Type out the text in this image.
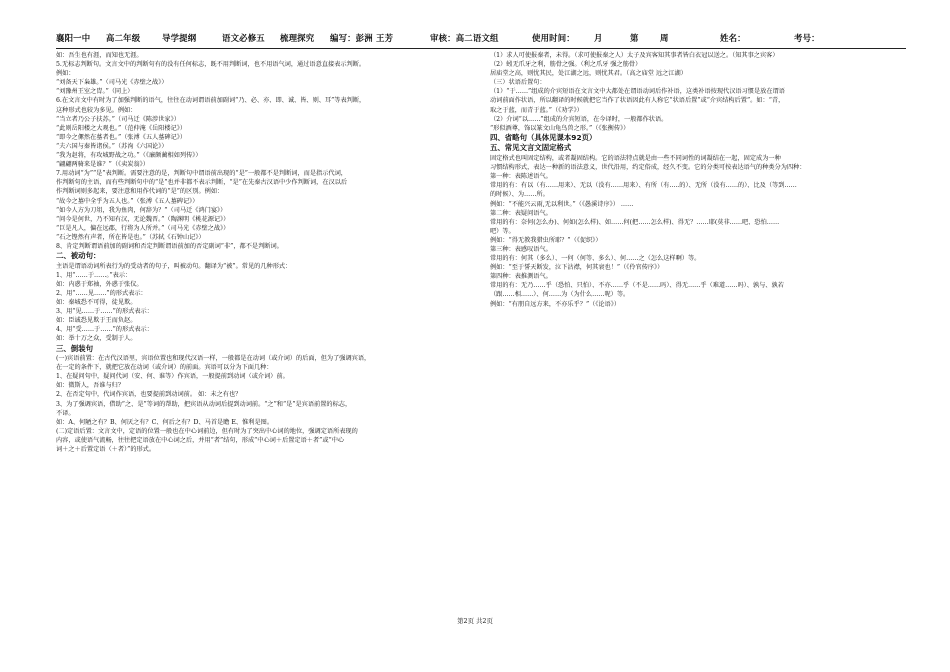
襄阳一中 高二年级	导学提纲	语文必修五 梳理探究 编写：彭洲 王芳	审核：高二语文组	使用时间： 月	第	周	姓名：	考号：

如：吾生也有涯，而知也无涯。

5.无标志判断句。文言文中的判断句有的没有任何标志，既不用判断词，也不用语气词，通过语意直接表示判断。

例如：

“刘备天下枭雄。”（司马光《赤壁之战》）

“刘豫州王室之胄。”（同上）

6.在文言文中有时为了加强判断的语气，往往在动词谓语前加副词“乃、必、亦、即、诚、皆、则、耳”等表判断，

这种形式也较为多见。例如：

“当立者乃公子扶苏。”（司马迁《陈涉世家》）

“此则岳阳楼之大观也。”（范仲淹《岳阳楼记》）

“即今之傫然在墓者也。”（张溥《五人墓碑记》）

“夫六国与秦皆诸侯。”（苏洵《六国论》）

“我为赵将，有攻城野战之功。”（《廉颇蔺相如列传》）

“翩翩两骑来是谁？”（《卖炭翁》）

7.用动词“为”“是”表判断。需要注意的是，判断句中谓语前出现的“是”一般都不是判断词，而是指示代词，

作判断句的主语，而有些判断句中的“是”也并非都不表示判断，“是”在先秦古汉语中少作判断词，在汉以后

作判断词则多起来，要注意和用作代词的“是”的区别。例如：

“故今之墓中全乎为五人也。”（张溥《五人墓碑记》）

“如今人方为刀俎，我为鱼肉，何辞为？”（司马迁《鸿门宴》）

“问今是何世，乃不知有汉，无论魏晋。”（陶渊明《桃花源记》）

“巨是凡人，偏在远郡，行将为人所并。”（司马光《赤壁之战》）

“石之铿然有声者，所在皆是也。”（苏轼《石钟山记》）

8、肯定判断谓语前加的副词和否定判断谓语前加的否定副词“非”，都不是判断词。

二、被动句：

主语是谓语动词所表行为的受动者的句子，叫被动句。翻译为“被”。常见的几种形式：

1、用“……于……。”表示：

如：内惑于郑袖，外惑于张仪。

2、用“……见……”的形式表示：

如：秦城恐不可得，徒见欺。

3、用“见……于……”的形式表示：

如：臣诚恐见欺于王而负赵。

4、用“受……于……”的形式表示：

如：举十万之众，受制于人。

三、倒装句

(一)宾语前置：在古代汉语里，宾语位置也和现代汉语一样，一般都是在动词（或介词）的后面，但为了强调宾语，

在一定的条件下，就把它放在动词（或介词）的前面。宾语可以分为下面几种：

1、在疑问句中，疑问代词（安、何、谁等）作宾语，一般提前到动词（或介词）前。

如：微斯人，吾谁与归？

2、在否定句中，代词作宾语，也要提前到动词前。 如：未之有也？

3、为了强调宾语，借助“之、是”等词的帮助，把宾语从动词后提到动词前。“之”和“是”是宾语前置的标志，

不译。

如：A、何陋之有？B、何厌之有？C、何后之有？D、马首是瞻 E、惟利是图。

(二)定语后置：文言文中，定语的位置一般也在中心词前边，但有时为了突出中心词的地位，强调定语所表现的

内容，或使语气流畅，往往把定语放在中心词之后，并用“者”结句，形成“中心词＋后置定语＋者”或“中心

词＋之＋后置定语（＋者）”的形式。

（1）求人可使报秦者，未得。（求可使报秦之人）太子及宾客知其事者皆白衣冠以送之。（知其事之宾客）

（2）蚓无爪牙之利，筋骨之强。（利之爪牙 强之筋骨）

居庙堂之高，则忧其民，处江湖之远，则忧其君。（高之庙堂 远之江湖）

（三）状语后置句：

（1）“于……”组成的介宾短语在文言文中大都处在谓语动词后作补语，这类补语按现代汉语习惯是放在谓语

动词前面作状语，所以翻译的时候就把它当作了状语因此有人称它“状语后置”或“介宾结构后置”。如：“青，

取之于蓝，而青于蓝。”（《劝学》）

（2）介词“以……”组成的介宾短语，在今译时，一般都作状语。

“形似酒尊，饰以篆文山龟鸟兽之形。”（《张衡传》）

四、省略句（具体见课本92页）

五、常见文言文固定格式

固定格式也叫固定结构，或者凝固结构。它的语法特点就是由一些不同词性的词凝结在一起，固定成为一种

习惯结构形式，表达一种新的语法意义，世代沿用，约定俗成，经久不变。它的分类可按表达语气的种类分为四种：

第一种：表陈述语气。

常用的有：有以（有……用来）、无以（没有……用来）、有所（有.....的）、无所（没有……的）、比及（等到……

的时候）、为……所。

例如：“不能兴云雨,无以利世。”（《愚溪诗序》） ……

第二种：表疑问语气。

常用的有：奈何(怎么办)、何如(怎么样)、如……何(把……怎么样)、得无？……耶(莫非……吧、恐怕……

吧）等。

例如：“得无教我猎虫所耶？”（《促织》）

第三种：表感叹语气。

常用的有：何其（多么）、一何（何等、多么）、何……之（怎么这样啊）等。

例如：“至于誓天断发，泣下沾襟，何其衰也！”（《伶官传序》）

第四种：表推测语气。

常用的有：无乃……乎（恐怕、只怕）、不亦……乎（不是……吗）、得无……乎（难道……吗）、孰与、孰若

（跟……相……）、何……为（为什么……呢）等。

例如：“有朋自远方来，不亦乐乎？”（《论语》）

第2页 共2页
